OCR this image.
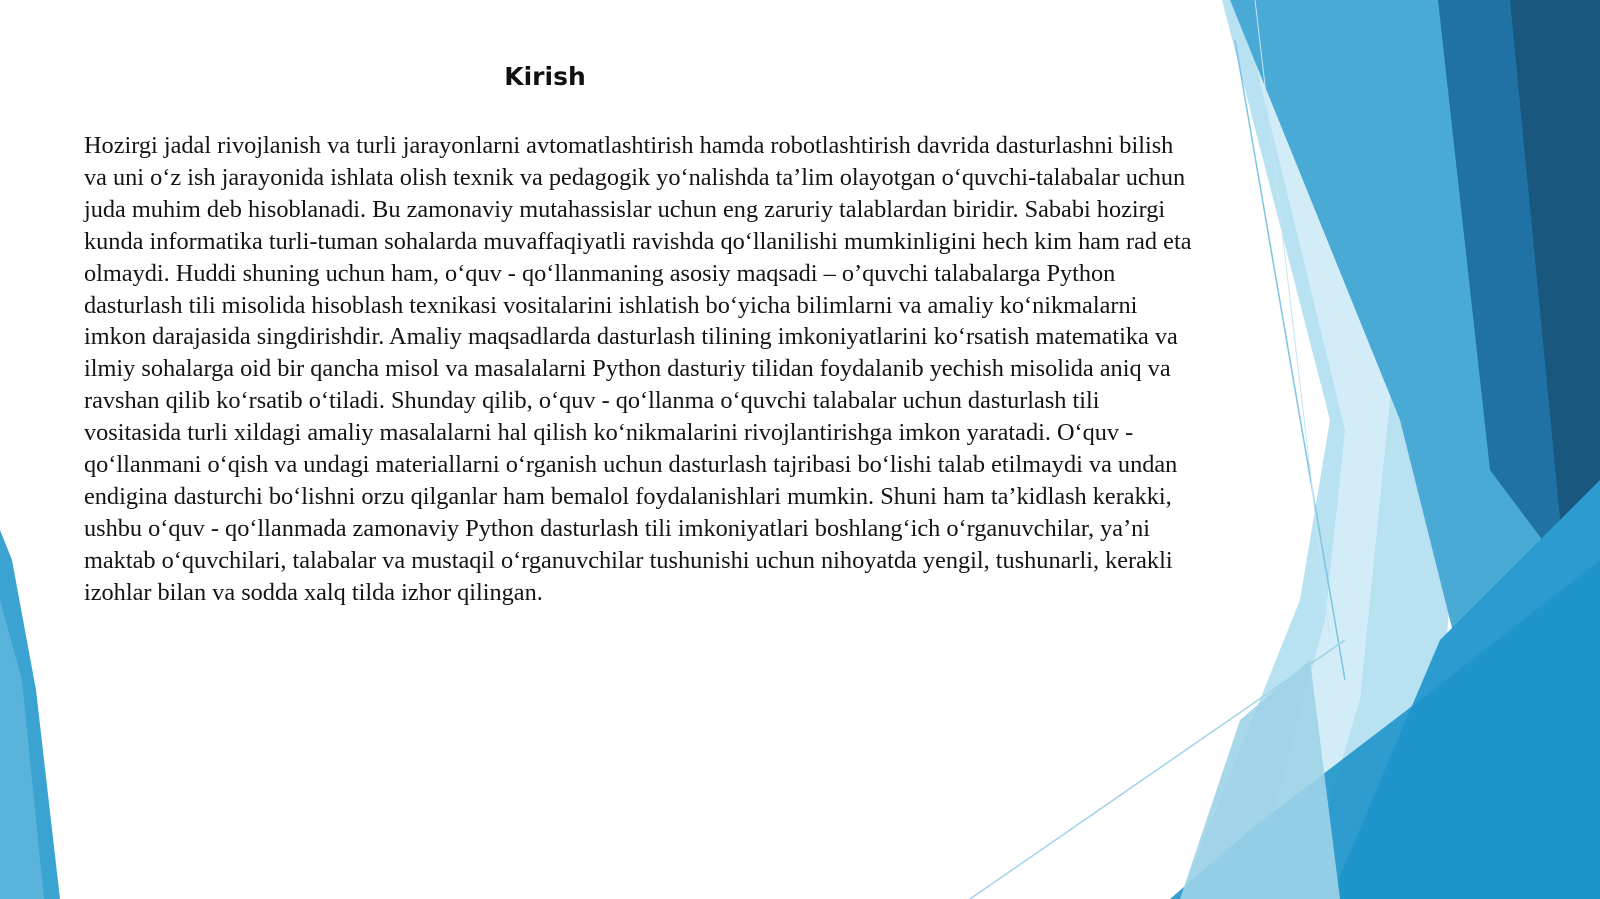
Kirish

Hozirgi jadal rivojlanish va turli jarayonlarni avtomatlashtirish hamda robotlashtirish davrida dasturlashni bilish va uni o‘z ish jarayonida ishlata olish texnik va pedagogik yo‘nalishda ta’lim olayotgan o‘quvchi-talabalar uchun juda muhim deb hisoblanadi. Bu zamonaviy mutahassislar uchun eng zaruriy talablardan biridir. Sababi hozirgi kunda informatika turli-tuman sohalarda muvaffaqiyatli ravishda qo‘llanilishi mumkinligini hech kim ham rad eta olmaydi. Huddi shuning uchun ham, o‘quv - qo‘llanmaning asosiy maqsadi – o’quvchi talabalarga Python dasturlash tili misolida hisoblash texnikasi vositalarini ishlatish bo‘yicha bilimlarni va amaliy ko‘nikmalarni imkon darajasida singdirishdir. Amaliy maqsadlarda dasturlash tilining imkoniyatlarini ko‘rsatish matematika va ilmiy sohalarga oid bir qancha misol va masalalarni Python dasturiy tilidan foydalanib yechish misolida aniq va ravshan qilib ko‘rsatib o‘tiladi. Shunday qilib, o‘quv - qo‘llanma o‘quvchi talabalar uchun dasturlash tili vositasida turli xildagi amaliy masalalarni hal qilish ko‘nikmalarini rivojlantirishga imkon yaratadi. O‘quv - qo‘llanmani o‘qish va undagi materiallarni o‘rganish uchun dasturlash tajribasi bo‘lishi talab etilmaydi va undan endigina dasturchi bo‘lishni orzu qilganlar ham bemalol foydalanishlari mumkin. Shuni ham ta’kidlash kerakki, ushbu o‘quv - qo‘llanmada zamonaviy Python dasturlash tili imkoniyatlari boshlang‘ich o‘rganuvchilar, ya’ni maktab o‘quvchilari, talabalar va mustaqil o‘rganuvchilar tushunishi uchun nihoyatda yengil, tushunarli, kerakli izohlar bilan va sodda xalq tilda izhor qilingan.
